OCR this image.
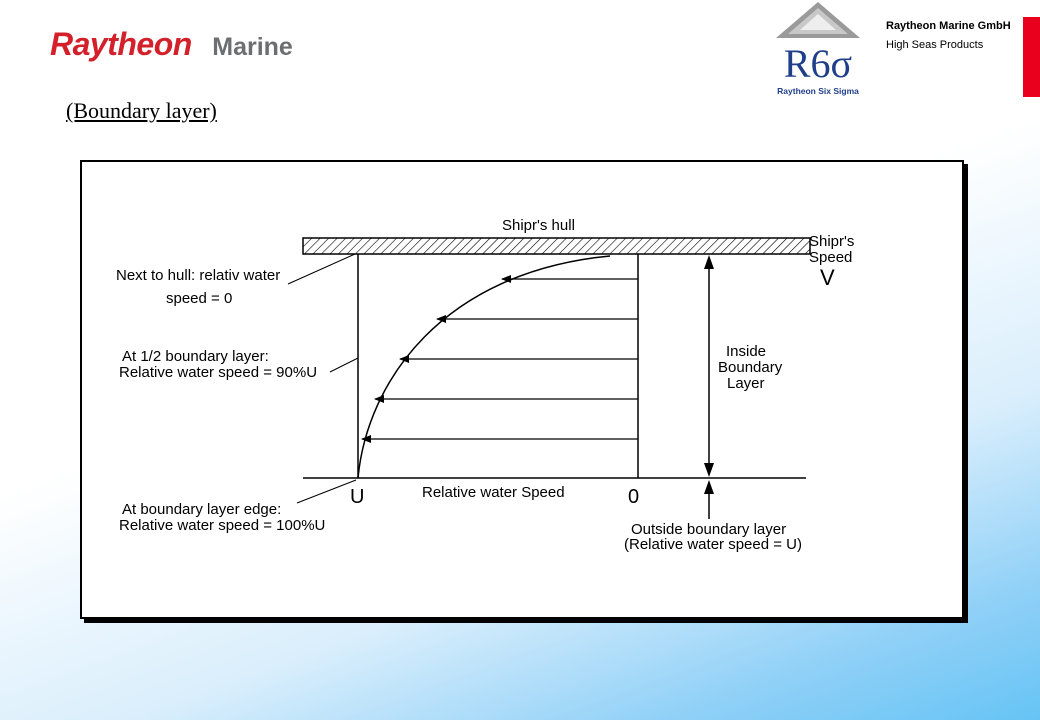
Raytheon Marine	R6σ
Raytheon Six Sigma
Raytheon Marine GmbH
High Seas Products
(Boundary layer)
Shipr's hull
Shipr's
Speed
V
Inside
Boundary
Layer
U	Relative water Speed	0
Next to hull: relativ water
speed = 0
At 1/2 boundary layer:
Relative water speed = 90%U
At boundary layer edge:
Relative water speed = 100%U	Outside boundary layer
(Relative water speed = U)
